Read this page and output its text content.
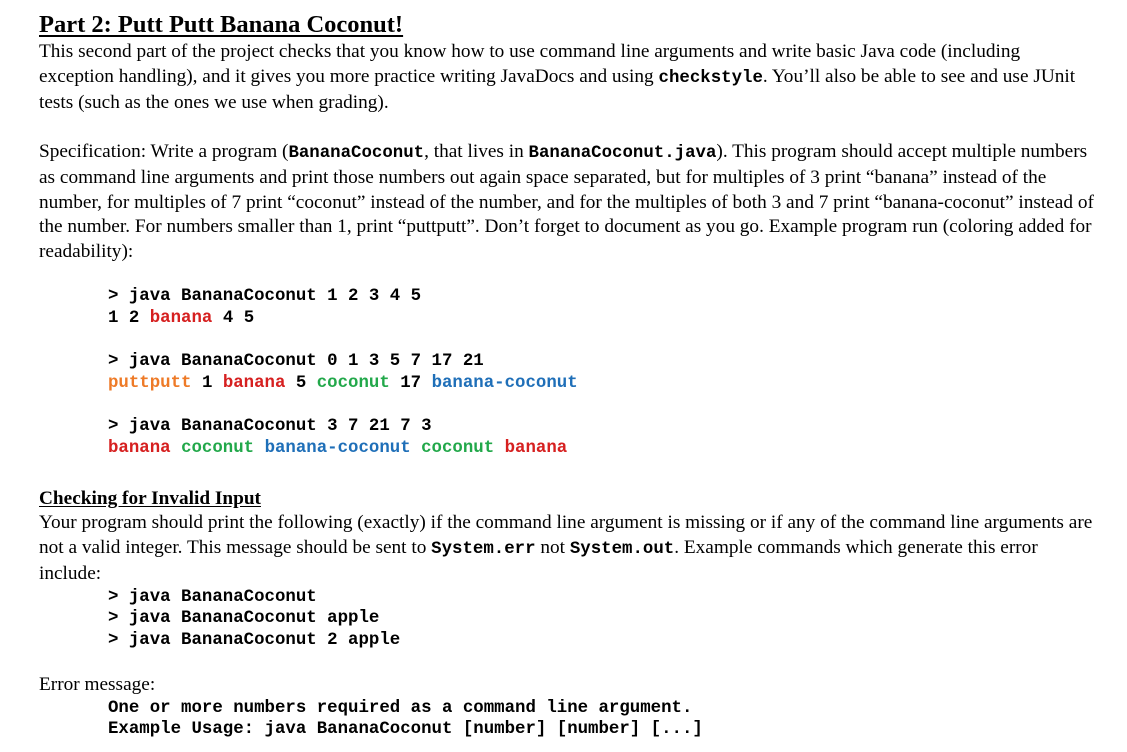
Part 2: Putt Putt Banana Coconut!

This second part of the project checks that you know how to use command line arguments and write basic Java code (including exception handling), and it gives you more practice writing JavaDocs and using checkstyle. You’ll also be able to see and use JUnit tests (such as the ones we use when grading).

Specification: Write a program (BananaCoconut, that lives in BananaCoconut.java). This program should accept multiple numbers as command line arguments and print those numbers out again space separated, but for multiples of 3 print “banana” instead of the number, for multiples of 7 print “coconut” instead of the number, and for the multiples of both 3 and 7 print “banana-coconut” instead of the number. For numbers smaller than 1, print “puttputt”. Don’t forget to document as you go. Example program run (coloring added for readability):

> java BananaCoconut 1 2 3 4 5
1 2 banana 4 5
> java BananaCoconut 0 1 3 5 7 17 21
puttputt 1 banana 5 coconut 17 banana-coconut
> java BananaCoconut 3 7 21 7 3
banana coconut banana-coconut coconut banana
Checking for Invalid Input

Your program should print the following (exactly) if the command line argument is missing or if any of the command line arguments are not a valid integer. This message should be sent to System.err not System.out. Example commands which generate this error include:

> java BananaCoconut
> java BananaCoconut apple
> java BananaCoconut 2 apple

Error message:

One or more numbers required as a command line argument.
Example Usage: java BananaCoconut [number] [number] [...]
